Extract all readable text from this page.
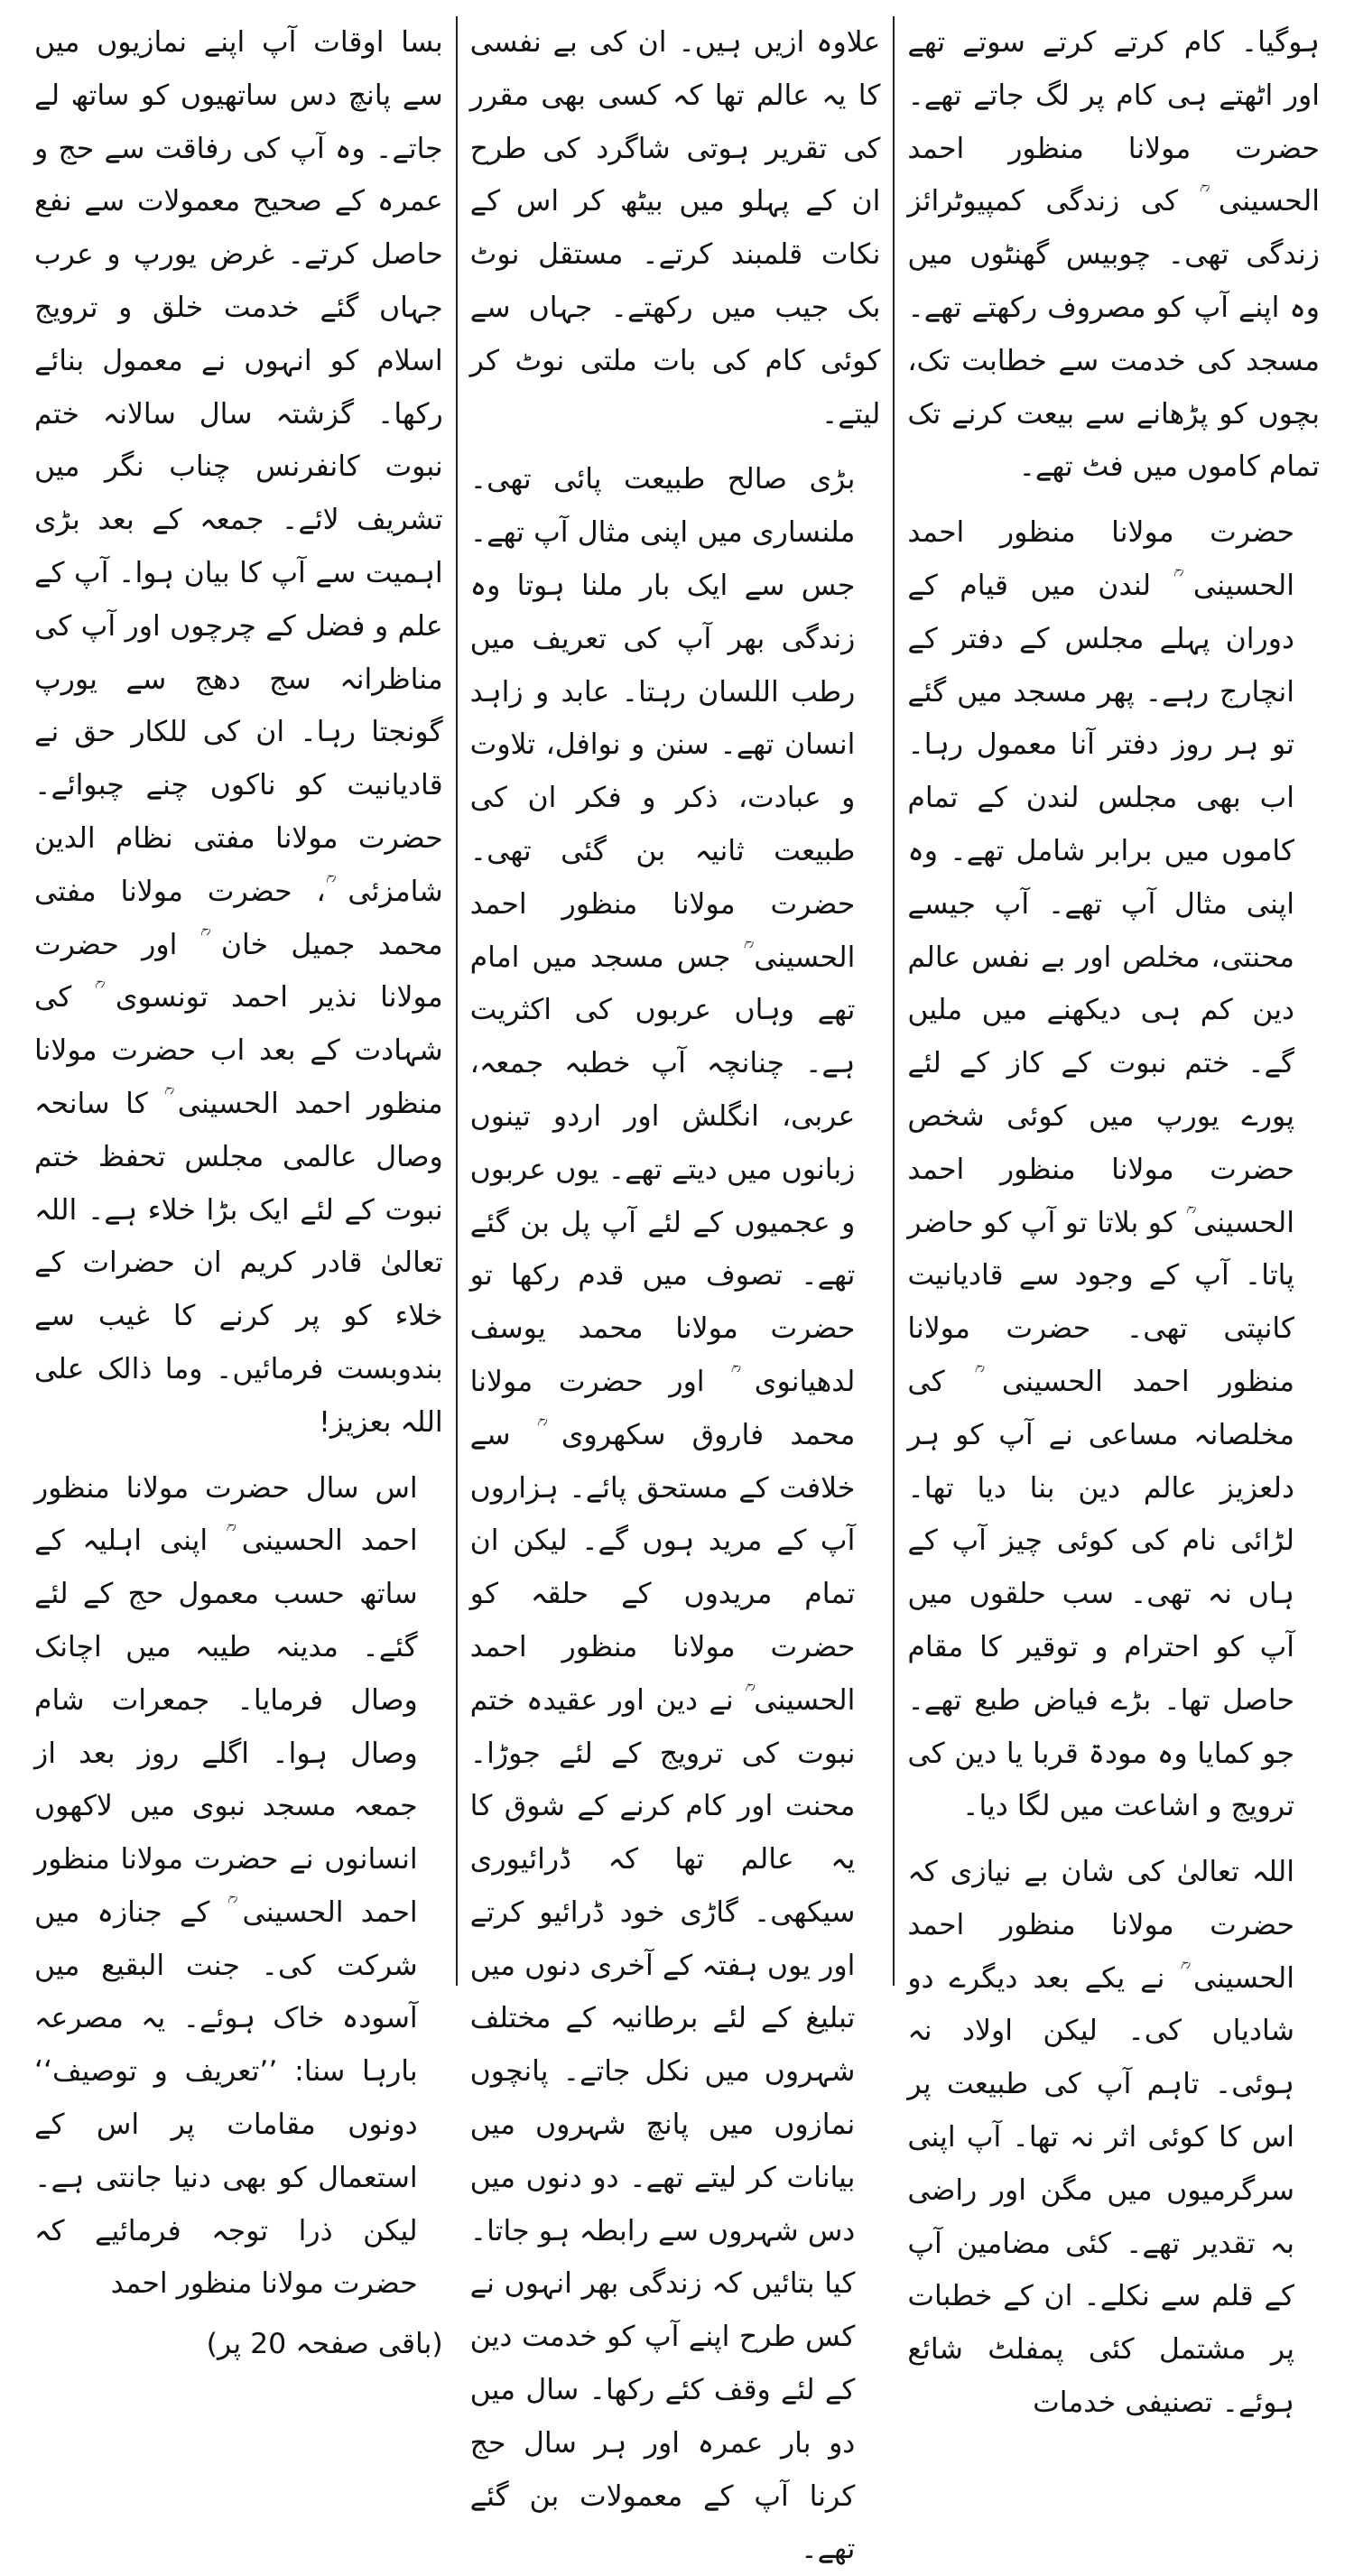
ہوگیا۔ کام کرتے کرتے سوتے تھے اور اٹھتے ہی کام پر لگ جاتے تھے۔ حضرت مولانا منظور احمد الحسینی ؒ کی زندگی کمپیوٹرائز زندگی تھی۔ چوبیس گھنٹوں میں وہ اپنے آپ کو مصروف رکھتے تھے۔ مسجد کی خدمت سے خطابت تک، بچوں کو پڑھانے سے بیعت کرنے تک تمام کاموں میں فٹ تھے۔

حضرت مولانا منظور احمد الحسینی ؒ لندن میں قیام کے دوران پہلے مجلس کے دفتر کے انچارج رہے۔ پھر مسجد میں گئے تو ہر روز دفتر آنا معمول رہا۔ اب بھی مجلس لندن کے تمام کاموں میں برابر شامل تھے۔ وہ اپنی مثال آپ تھے۔ آپ جیسے محنتی، مخلص اور بے نفس عالم دین کم ہی دیکھنے میں ملیں گے۔ ختم نبوت کے کاز کے لئے پورے یورپ میں کوئی شخص حضرت مولانا منظور احمد الحسینی ؒ کو بلاتا تو آپ کو حاضر پاتا۔ آپ کے وجود سے قادیانیت کانپتی تھی۔ حضرت مولانا منظور احمد الحسینی ؒ کی مخلصانہ مساعی نے آپ کو ہر دلعزیز عالم دین بنا دیا تھا۔ لڑائی نام کی کوئی چیز آپ کے ہاں نہ تھی۔ سب حلقوں میں آپ کو احترام و توقیر کا مقام حاصل تھا۔ بڑے فیاض طبع تھے۔ جو کمایا وہ مودۃ قربا یا دین کی ترویج و اشاعت میں لگا دیا۔

اللہ تعالیٰ کی شان بے نیازی کہ حضرت مولانا منظور احمد الحسینی ؒ نے یکے بعد دیگرے دو شادیاں کی۔ لیکن اولاد نہ ہوئی۔ تاہم آپ کی طبیعت پر اس کا کوئی اثر نہ تھا۔ آپ اپنی سرگرمیوں میں مگن اور راضی بہ تقدیر تھے۔ کئی مضامین آپ کے قلم سے نکلے۔ ان کے خطبات پر مشتمل کئی پمفلٹ شائع ہوئے۔ تصنیفی خدمات

علاوہ ازیں ہیں۔ ان کی بے نفسی کا یہ عالم تھا کہ کسی بھی مقرر کی تقریر ہوتی شاگرد کی طرح ان کے پہلو میں بیٹھ کر اس کے نکات قلمبند کرتے۔ مستقل نوٹ بک جیب میں رکھتے۔ جہاں سے کوئی کام کی بات ملتی نوٹ کر لیتے۔

بڑی صالح طبیعت پائی تھی۔ ملنساری میں اپنی مثال آپ تھے۔ جس سے ایک بار ملنا ہوتا وہ زندگی بھر آپ کی تعریف میں رطب اللسان رہتا۔ عابد و زاہد انسان تھے۔ سنن و نوافل، تلاوت و عبادت، ذکر و فکر ان کی طبیعت ثانیہ بن گئی تھی۔ حضرت مولانا منظور احمد الحسینی ؒ جس مسجد میں امام تھے وہاں عربوں کی اکثریت ہے۔ چنانچہ آپ خطبہ جمعہ، عربی، انگلش اور اردو تینوں زبانوں میں دیتے تھے۔ یوں عربوں و عجمیوں کے لئے آپ پل بن گئے تھے۔ تصوف میں قدم رکھا تو حضرت مولانا محمد یوسف لدھیانوی ؒ اور حضرت مولانا محمد فاروق سکھروی ؒ سے خلافت کے مستحق پائے۔ ہزاروں آپ کے مرید ہوں گے۔ لیکن ان تمام مریدوں کے حلقہ کو حضرت مولانا منظور احمد الحسینی ؒ نے دین اور عقیدہ ختم نبوت کی ترویج کے لئے جوڑا۔ محنت اور کام کرنے کے شوق کا یہ عالم تھا کہ ڈرائیوری سیکھی۔ گاڑی خود ڈرائیو کرتے اور یوں ہفتہ کے آخری دنوں میں تبلیغ کے لئے برطانیہ کے مختلف شہروں میں نکل جاتے۔ پانچوں نمازوں میں پانچ شہروں میں بیانات کر لیتے تھے۔ دو دنوں میں دس شہروں سے رابطہ ہو جاتا۔ کیا بتائیں کہ زندگی بھر انہوں نے کس طرح اپنے آپ کو خدمت دین کے لئے وقف کئے رکھا۔ سال میں دو بار عمرہ اور ہر سال حج کرنا آپ کے معمولات بن گئے تھے۔

بسا اوقات آپ اپنے نمازیوں میں سے پانچ دس ساتھیوں کو ساتھ لے جاتے۔ وہ آپ کی رفاقت سے حج و عمرہ کے صحیح معمولات سے نفع حاصل کرتے۔ غرض یورپ و عرب جہاں گئے خدمت خلق و ترویج اسلام کو انہوں نے معمول بنائے رکھا۔ گزشتہ سال سالانہ ختم نبوت کانفرنس چناب نگر میں تشریف لائے۔ جمعہ کے بعد بڑی اہمیت سے آپ کا بیان ہوا۔ آپ کے علم و فضل کے چرچوں اور آپ کی مناظرانہ سج دھج سے یورپ گونجتا رہا۔ ان کی للکار حق نے قادیانیت کو ناکوں چنے چبوائے۔ حضرت مولانا مفتی نظام الدین شامزئی ؒ، حضرت مولانا مفتی محمد جمیل خان ؒ اور حضرت مولانا نذیر احمد تونسوی ؒ کی شہادت کے بعد اب حضرت مولانا منظور احمد الحسینی ؒ کا سانحہ وصال عالمی مجلس تحفظ ختم نبوت کے لئے ایک بڑا خلاء ہے۔ اللہ تعالیٰ قادر کریم ان حضرات کے خلاء کو پر کرنے کا غیب سے بندوبست فرمائیں۔ وما ذالک علی اللہ بعزیز!

اس سال حضرت مولانا منظور احمد الحسینی ؒ اپنی اہلیہ کے ساتھ حسب معمول حج کے لئے گئے۔ مدینہ طیبہ میں اچانک وصال فرمایا۔ جمعرات شام وصال ہوا۔ اگلے روز بعد از جمعہ مسجد نبوی میں لاکھوں انسانوں نے حضرت مولانا منظور احمد الحسینی ؒ کے جنازہ میں شرکت کی۔ جنت البقیع میں آسودہ خاک ہوئے۔ یہ مصرعہ بارہا سنا: ’’تعریف و توصیف‘‘ دونوں مقامات پر اس کے استعمال کو بھی دنیا جانتی ہے۔ لیکن ذرا توجہ فرمائیے کہ حضرت مولانا منظور احمد

(باقی صفحہ 20 پر)
